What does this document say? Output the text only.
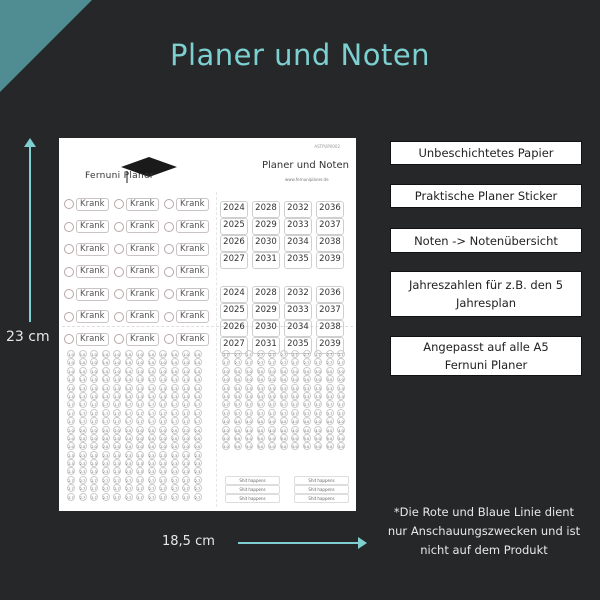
Planer und Noten
23 cm
18,5 cm
ASTPUP0002
Fernuni Planer
Planer und Noten
www.fernuniplaner.de
Krank	Krank	Krank
Krank	Krank	Krank
Krank	Krank	Krank
Krank	Krank	Krank
Krank	Krank	Krank
Krank	Krank	Krank
Krank	Krank	Krank
2024	2028	2032	2036
2025	2029	2033	2037
2026	2030	2034	2038
2027	2031	2035	2039
2024	2028	2032	2036
2025	2029	2033	2037
2026	2030	2034	2038
2027	2031	2035	2039
1.0	1.0	1.0	1.0	1.0	1.0	1.0	1.0	1.0	1.0	1.0	1.0
1.0	1.0	1.0	1.0	1.0	1.0	1.0	1.0	1.0	1.0	1.0	1.0
1.0	1.0	1.0	1.0	1.0	1.0	1.0	1.0	1.0	1.0	1.0	1.0
1.3	1.3	1.3	1.3	1.3	1.3	1.3	1.3	1.3	1.3	1.3	1.3
1.3	1.3	1.3	1.3	1.3	1.3	1.3	1.3	1.3	1.3	1.3	1.3
1.3	1.3	1.3	1.3	1.3	1.3	1.3	1.3	1.3	1.3	1.3	1.3
1.7	1.7	1.7	1.7	1.7	1.7	1.7	1.7	1.7	1.7	1.7	1.7
1.7	1.7	1.7	1.7	1.7	1.7	1.7	1.7	1.7	1.7	1.7	1.7
1.7	1.7	1.7	1.7	1.7	1.7	1.7	1.7	1.7	1.7	1.7	1.7
2.0	2.0	2.0	2.0	2.0	2.0	2.0	2.0	2.0	2.0	2.0	2.0
2.0	2.0	2.0	2.0	2.0	2.0	2.0	2.0	2.0	2.0	2.0	2.0
2.0	2.0	2.0	2.0	2.0	2.0	2.0	2.0	2.0	2.0	2.0	2.0
2.3	2.3	2.3	2.3	2.3	2.3	2.3	2.3	2.3	2.3	2.3	2.3
2.3	2.3	2.3	2.3	2.3	2.3	2.3	2.3	2.3	2.3	2.3	2.3
2.3	2.3	2.3	2.3	2.3	2.3	2.3	2.3	2.3	2.3	2.3	2.3
2.7	2.7	2.7	2.7	2.7	2.7	2.7	2.7	2.7	2.7	2.7	2.7
2.7	2.7	2.7	2.7	2.7	2.7	2.7	2.7	2.7	2.7	2.7	2.7
2.7	2.7	2.7	2.7	2.7	2.7	2.7	2.7	2.7	2.7	2.7	2.7
2.7	2.7	2.7	2.7	2.7	2.7	2.7	2.7	2.7	2.7	2.7
2.7	2.7	2.7	2.7	2.7	2.7	2.7	2.7	2.7	2.7	2.7
3.0	3.0	3.0	3.0	3.0	3.0	3.0	3.0	3.0	3.0	3.0
3.0	3.0	3.0	3.0	3.0	3.0	3.0	3.0	3.0	3.0	3.0
3.3	3.3	3.3	3.3	3.3	3.3	3.3	3.3	3.3	3.3	3.3
3.3	3.3	3.3	3.3	3.3	3.3	3.3	3.3	3.3	3.3	3.3
3.7	3.7	3.7	3.7	3.7	3.7	3.7	3.7	3.7	3.7	3.7
3.7	3.7	3.7	3.7	3.7	3.7	3.7	3.7	3.7	3.7	3.7
4.0	4.0	4.0	4.0	4.0	4.0	4.0	4.0	4.0	4.0	4.0
4.0	4.0	4.0	4.0	4.0	4.0	4.0	4.0	4.0	4.0	4.0
5.0	5.0	5.0	5.0	5.0	5.0	5.0	5.0	5.0	5.0	5.0
5.0	5.0	5.0	5.0	5.0	5.0	5.0	5.0	5.0	5.0	5.0
Shit happens	Shit happens
Shit happens	Shit happens
Shit happens	Shit happens
Unbeschichtetes Papier
Praktische Planer Sticker
Noten -> Notenübersicht
Jahreszahlen für z.B. den 5 Jahresplan
Angepasst auf alle A5 Fernuni Planer
*Die Rote und Blaue Linie dient nur Anschauungszwecken und ist nicht auf dem Produkt
